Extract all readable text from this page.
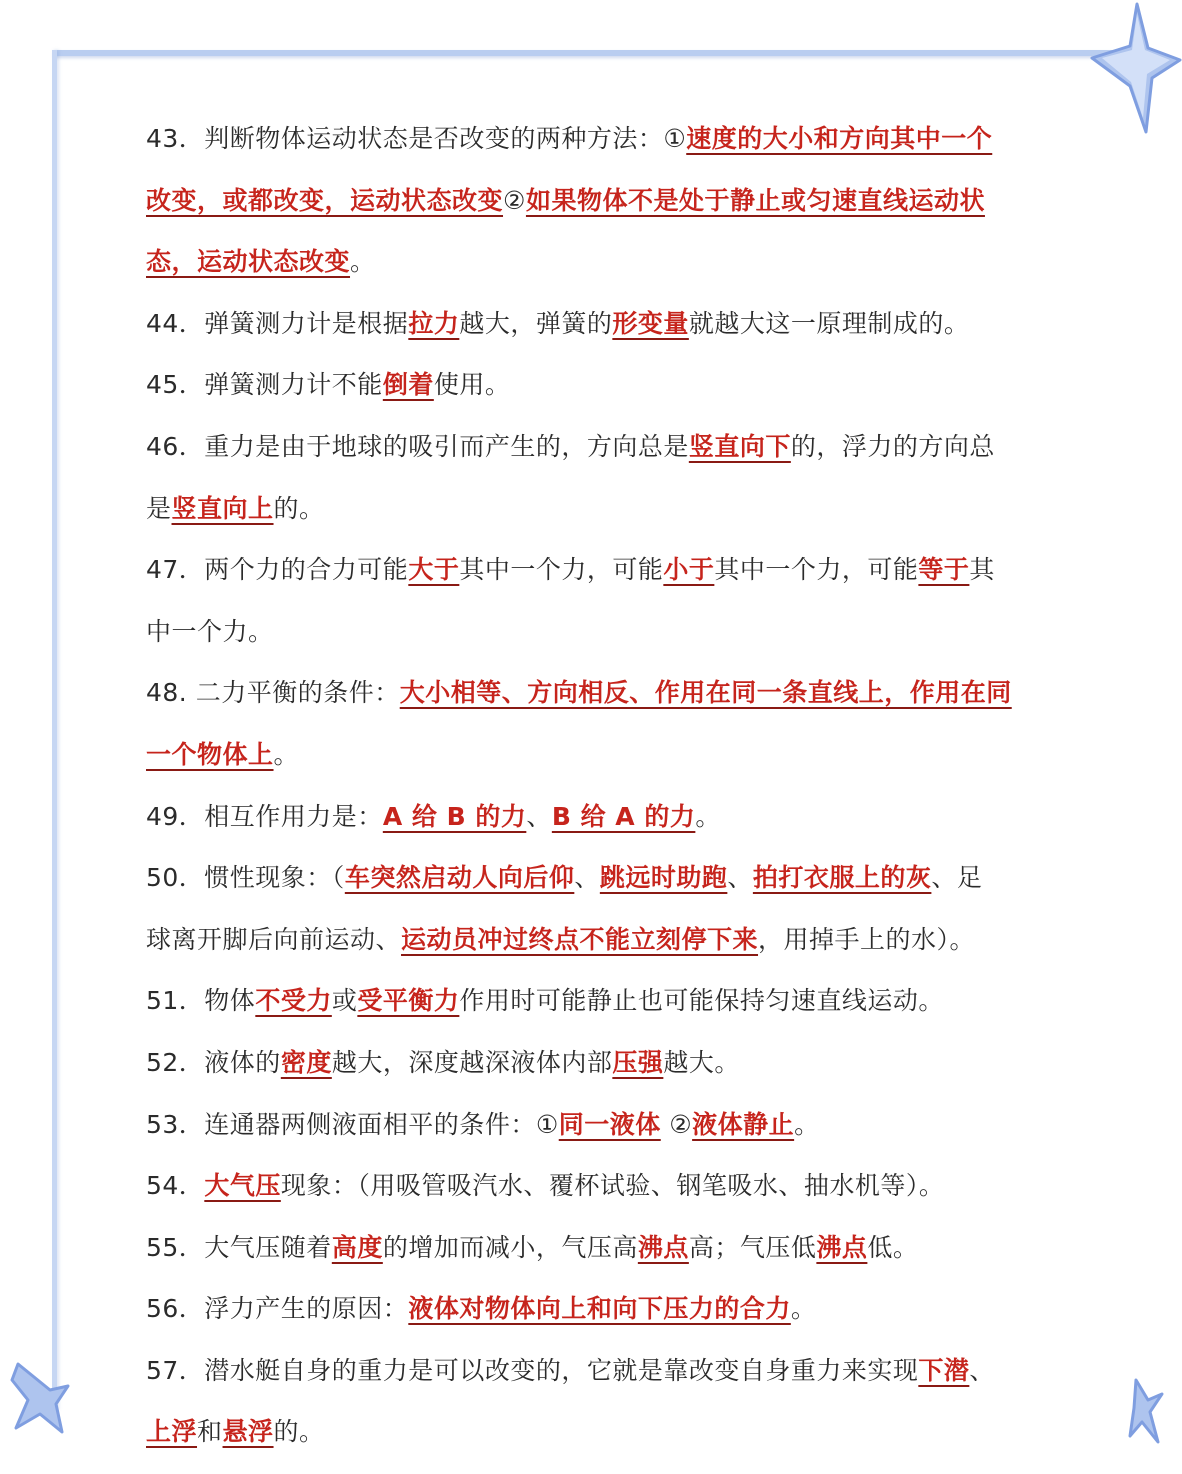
43．判断物体运动状态是否改变的两种方法：①速度的大小和方向其中一个
改变，或都改变，运动状态改变②如果物体不是处于静止或匀速直线运动状
态，运动状态改变。
44．弹簧测力计是根据拉力越大，弹簧的形变量就越大这一原理制成的。
45．弹簧测力计不能倒着使用。
46．重力是由于地球的吸引而产生的，方向总是竖直向下的，浮力的方向总
是竖直向上的。
47．两个力的合力可能大于其中一个力，可能小于其中一个力，可能等于其
中一个力。
48. 二力平衡的条件：大小相等、方向相反、作用在同一条直线上，作用在同
一个物体上。
49．相互作用力是：A 给 B 的力、B 给 A 的力。
50．惯性现象：（车突然启动人向后仰、跳远时助跑、拍打衣服上的灰、足
球离开脚后向前运动、运动员冲过终点不能立刻停下来，用掉手上的水）。
51．物体不受力或受平衡力作用时可能静止也可能保持匀速直线运动。
52．液体的密度越大，深度越深液体内部压强越大。
53．连通器两侧液面相平的条件：①同一液体 ②液体静止。
54．大气压现象：（用吸管吸汽水、覆杯试验、钢笔吸水、抽水机等）。
55．大气压随着高度的增加而减小，气压高沸点高；气压低沸点低。
56．浮力产生的原因：液体对物体向上和向下压力的合力。
57．潜水艇自身的重力是可以改变的，它就是靠改变自身重力来实现下潜、
上浮和悬浮的。
